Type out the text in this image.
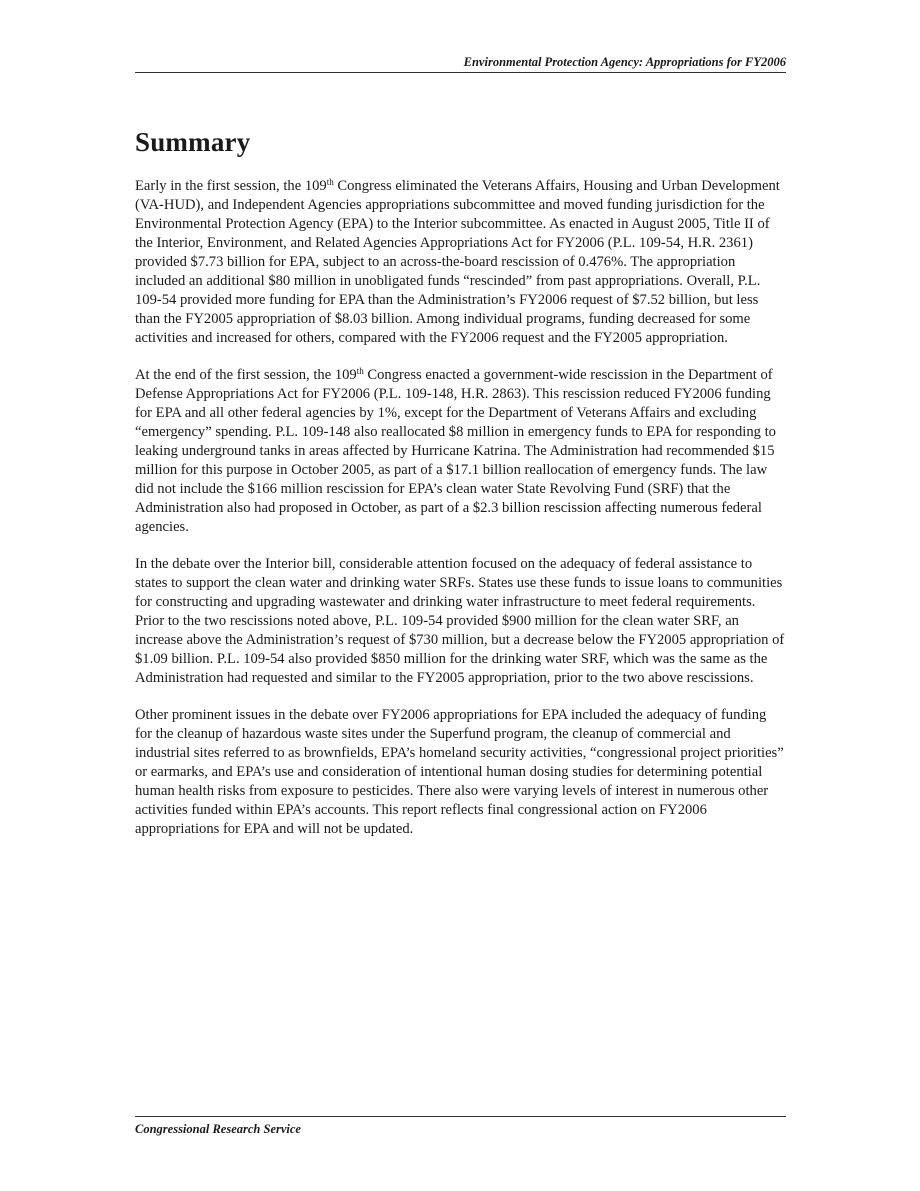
Environmental Protection Agency: Appropriations for FY2006
Summary

Early in the first session, the 109th Congress eliminated the Veterans Affairs, Housing and Urban Development (VA-HUD), and Independent Agencies appropriations subcommittee and moved funding jurisdiction for the Environmental Protection Agency (EPA) to the Interior subcommittee. As enacted in August 2005, Title II of the Interior, Environment, and Related Agencies Appropriations Act for FY2006 (P.L. 109-54, H.R. 2361) provided $7.73 billion for EPA, subject to an across-the-board rescission of 0.476%. The appropriation included an additional $80 million in unobligated funds “rescinded” from past appropriations. Overall, P.L. 109-54 provided more funding for EPA than the Administration’s FY2006 request of $7.52 billion, but less than the FY2005 appropriation of $8.03 billion. Among individual programs, funding decreased for some activities and increased for others, compared with the FY2006 request and the FY2005 appropriation.

At the end of the first session, the 109th Congress enacted a government-wide rescission in the Department of Defense Appropriations Act for FY2006 (P.L. 109-148, H.R. 2863). This rescission reduced FY2006 funding for EPA and all other federal agencies by 1%, except for the Department of Veterans Affairs and excluding “emergency” spending. P.L. 109-148 also reallocated $8 million in emergency funds to EPA for responding to leaking underground tanks in areas affected by Hurricane Katrina. The Administration had recommended $15 million for this purpose in October 2005, as part of a $17.1 billion reallocation of emergency funds. The law did not include the $166 million rescission for EPA’s clean water State Revolving Fund (SRF) that the Administration also had proposed in October, as part of a $2.3 billion rescission affecting numerous federal agencies.

In the debate over the Interior bill, considerable attention focused on the adequacy of federal assistance to states to support the clean water and drinking water SRFs. States use these funds to issue loans to communities for constructing and upgrading wastewater and drinking water infrastructure to meet federal requirements. Prior to the two rescissions noted above, P.L. 109-54 provided $900 million for the clean water SRF, an increase above the Administration’s request of $730 million, but a decrease below the FY2005 appropriation of $1.09 billion. P.L. 109-54 also provided $850 million for the drinking water SRF, which was the same as the Administration had requested and similar to the FY2005 appropriation, prior to the two above rescissions.

Other prominent issues in the debate over FY2006 appropriations for EPA included the adequacy of funding for the cleanup of hazardous waste sites under the Superfund program, the cleanup of commercial and industrial sites referred to as brownfields, EPA’s homeland security activities, “congressional project priorities” or earmarks, and EPA’s use and consideration of intentional human dosing studies for determining potential human health risks from exposure to pesticides. There also were varying levels of interest in numerous other activities funded within EPA’s accounts. This report reflects final congressional action on FY2006 appropriations for EPA and will not be updated.

Congressional Research Service
